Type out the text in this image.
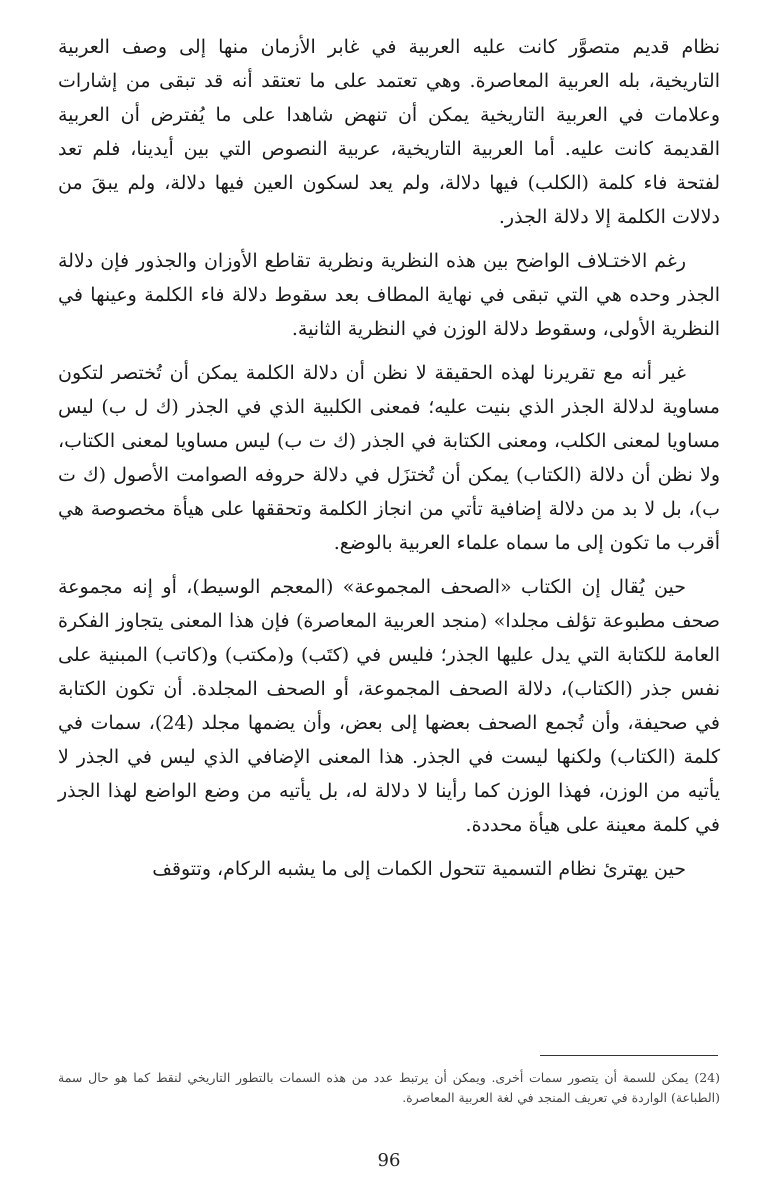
نظام قديم متصوَّر كانت عليه العربية في غابر الأزمان منها إلى وصف العربية التاريخية، بله العربية المعاصرة. وهي تعتمد على ما تعتقد أنه قد تبقى من إشارات وعلامات في العربية التاريخية يمكن أن تنهض شاهدا على ما يُفترض أن العربية القديمة كانت عليه. أما العربية التاريخية، عربية النصوص التي بين أيدينا، فلم تعد لفتحة فاء كلمة (الكلب) فيها دلالة، ولم يعد لسكون العين فيها دلالة، ولم يبقَ من دلالات الكلمة إلا دلالة الجذر.

رغم الاختـلاف الواضح بين هذه النظرية ونظرية تقاطع الأوزان والجذور فإن دلالة الجذر وحده هي التي تبقى في نهاية المطاف بعد سقوط دلالة فاء الكلمة وعينها في النظرية الأولى، وسقوط دلالة الوزن في النظرية الثانية.

غير أنه مع تقريرنا لهذه الحقيقة لا نظن أن دلالة الكلمة يمكن أن تُختصر لتكون مساوية لدلالة الجذر الذي بنيت عليه؛ فمعنى الكلبية الذي في الجذر (ك ل ب) ليس مساويا لمعنى الكلب، ومعنى الكتابة في الجذر (ك ت ب) ليس مساويا لمعنى الكتاب، ولا نظن أن دلالة (الكتاب) يمكن أن تُختزَل في دلالة حروفه الصوامت الأصول (ك ت ب)، بل لا بد من دلالة إضافية تأتي من انجاز الكلمة وتحققها على هيأة مخصوصة هي أقرب ما تكون إلى ما سماه علماء العربية بالوضع.

حين يُقال إن الكتاب «الصحف المجموعة» (المعجم الوسيط)، أو إنه مجموعة صحف مطبوعة تؤلف مجلدا» (منجد العربية المعاصرة) فإن هذا المعنى يتجاوز الفكرة العامة للكتابة التي يدل عليها الجذر؛ فليس في (كتَب) و(مكتب) و(كاتب) المبنية على نفس جذر (الكتاب)، دلالة الصحف المجموعة، أو الصحف المجلدة. أن تكون الكتابة في صحيفة، وأن تُجمع الصحف بعضها إلى بعض، وأن يضمها مجلد (24)، سمات في كلمة (الكتاب) ولكنها ليست في الجذر. هذا المعنى الإضافي الذي ليس في الجذر لا يأتيه من الوزن، فهذا الوزن كما رأينا لا دلالة له، بل يأتيه من وضع الواضع لهذا الجذر في كلمة معينة على هيأة محددة.

حين يهترئ نظام التسمية تتحول الكمات إلى ما يشبه الركام، وتتوقف

(24) يمكن للسمة أن يتصور سمات أخرى. ويمكن أن يرتبط عدد من هذه السمات بالتطور التاريخي لنقط كما هو حال سمة (الطباعة) الواردة في تعريف المنجد في لغة العربية المعاصرة.
96
